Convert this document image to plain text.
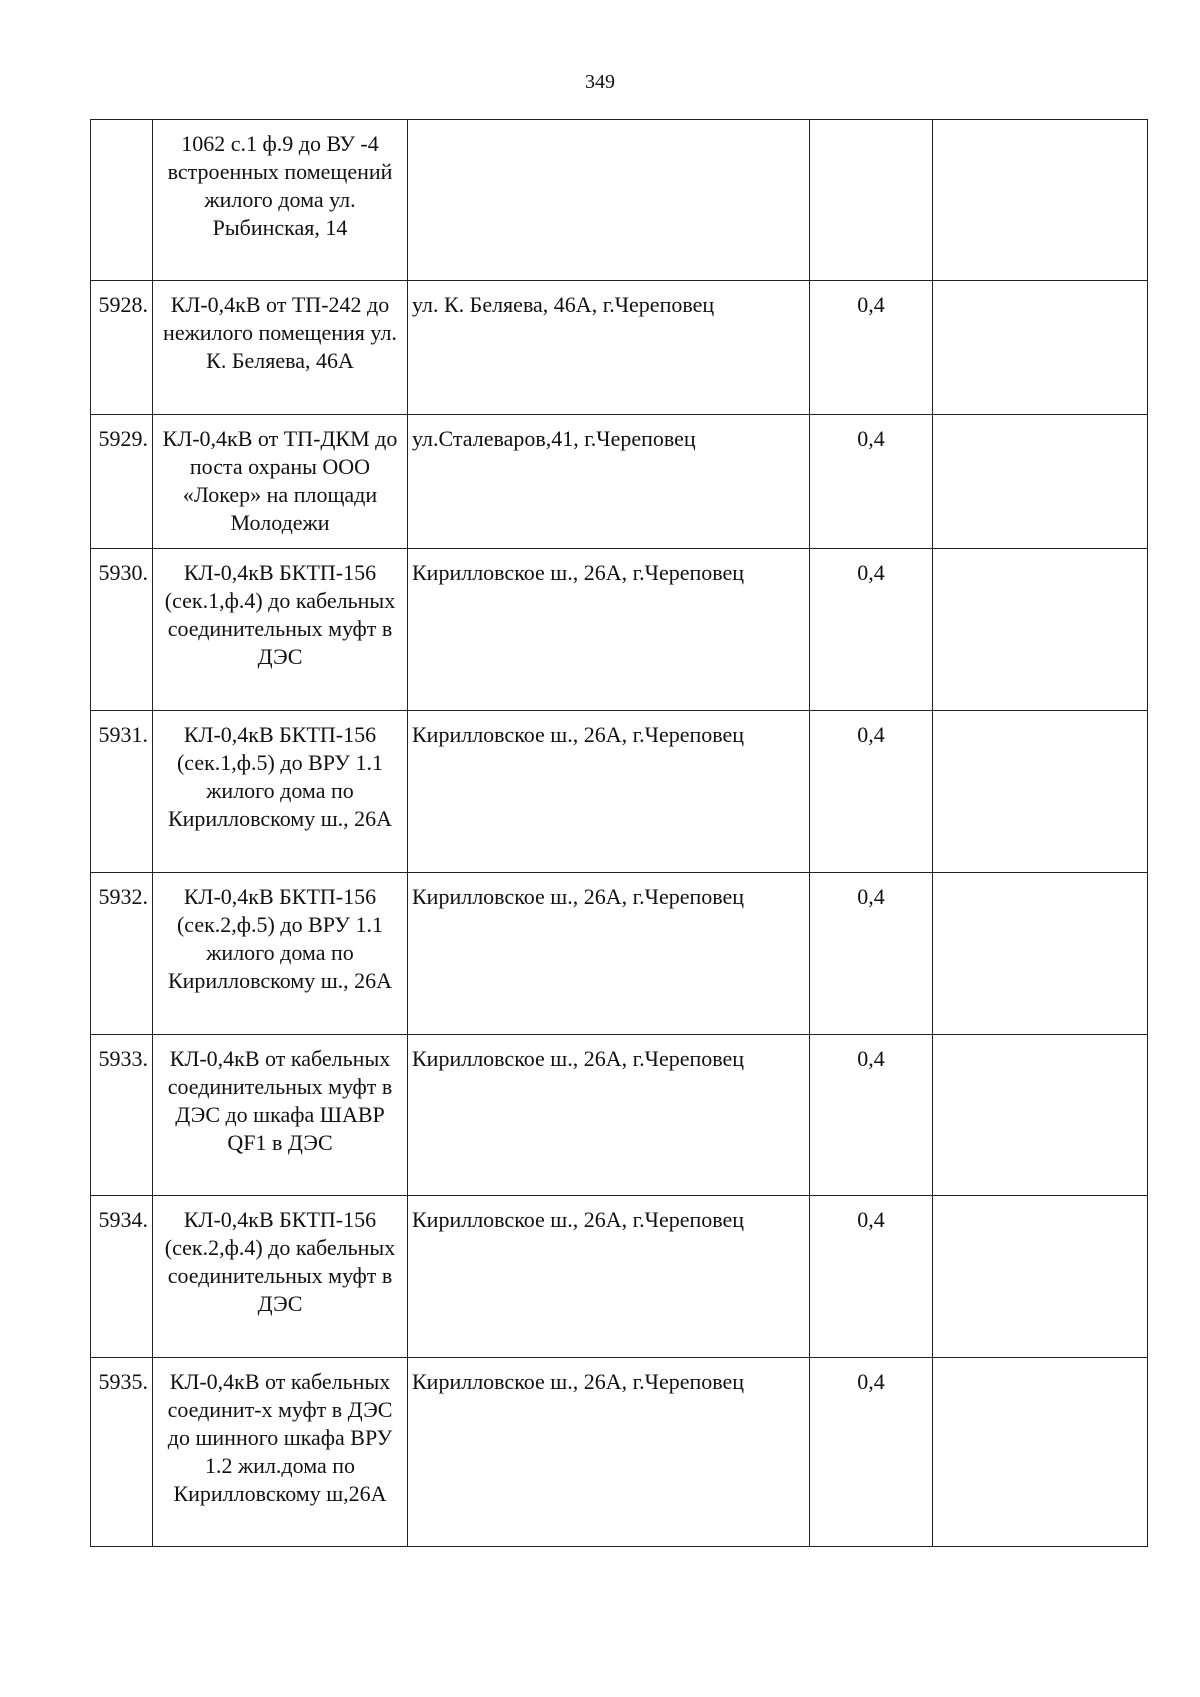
349
	1062 с.1 ф.9 до ВУ -4 встроенных помещений жилого дома ул. Рыбинская, 14			
5928.	КЛ-0,4кВ от ТП-242 до нежилого помещения ул. К. Беляева, 46А	ул. К. Беляева, 46А, г.Череповец	0,4	
5929.	КЛ-0,4кВ от ТП-ДКМ до поста охраны ООО «Локер» на площади Молодежи	ул.Сталеваров,41, г.Череповец	0,4	
5930.	КЛ-0,4кВ БКТП-156 (сек.1,ф.4) до кабельных соединительных муфт в ДЭС	Кирилловское ш., 26А, г.Череповец	0,4	
5931.	КЛ-0,4кВ БКТП-156 (сек.1,ф.5) до ВРУ 1.1 жилого дома по Кирилловскому ш., 26А	Кирилловское ш., 26А, г.Череповец	0,4	
5932.	КЛ-0,4кВ БКТП-156 (сек.2,ф.5) до ВРУ 1.1 жилого дома по Кирилловскому ш., 26А	Кирилловское ш., 26А, г.Череповец	0,4	
5933.	КЛ-0,4кВ от кабельных соединительных муфт в ДЭС до шкафа ШАВР QF1 в ДЭС	Кирилловское ш., 26А, г.Череповец	0,4	
5934.	КЛ-0,4кВ БКТП-156 (сек.2,ф.4) до кабельных соединительных муфт в ДЭС	Кирилловское ш., 26А, г.Череповец	0,4	
5935.	КЛ-0,4кВ от кабельных соединит-х муфт в ДЭС до шинного шкафа ВРУ 1.2 жил.дома по Кирилловскому ш,26А	Кирилловское ш., 26А, г.Череповец	0,4	
